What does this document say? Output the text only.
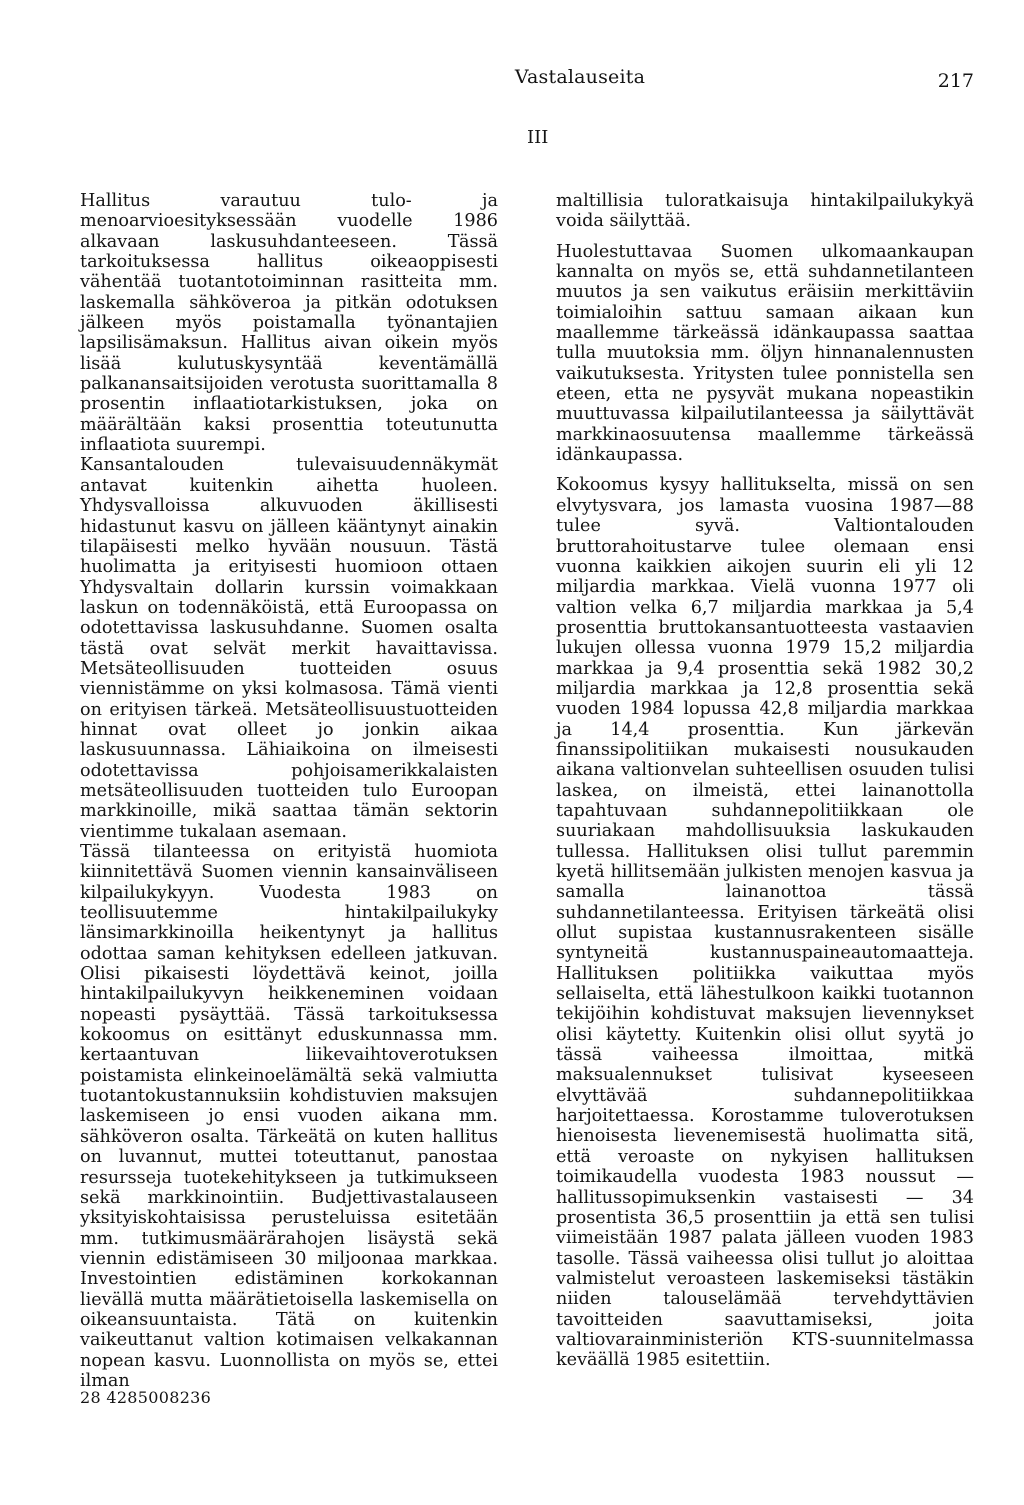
Vastalauseita	217
III

Hallitus varautuu tulo- ja menoarvioesityksessään vuodelle 1986 alkavaan laskusuhdanteeseen. Tässä tarkoituksessa hallitus oikeaoppisesti vähentää tuotantotoiminnan rasitteita mm. laskemalla sähköveroa ja pitkän odotuksen jälkeen myös poistamalla työnantajien lapsilisämaksun. Hallitus aivan oikein myös lisää kulutuskysyntää keventämällä palkanansaitsijoiden verotusta suorittamalla 8 prosentin inflaatiotarkistuksen, joka on määrältään kaksi prosenttia toteutunutta inflaatiota suurempi.

Kansantalouden tulevaisuudennäkymät antavat kuitenkin aihetta huoleen. Yhdysvalloissa alkuvuoden äkillisesti hidastunut kasvu on jälleen kääntynyt ainakin tilapäisesti melko hyvään nousuun. Tästä huolimatta ja erityisesti huomioon ottaen Yhdysvaltain dollarin kurssin voimakkaan laskun on todennäköistä, että Euroopassa on odotettavissa laskusuhdanne. Suomen osalta tästä ovat selvät merkit havaittavissa. Metsäteollisuuden tuotteiden osuus viennistämme on yksi kolmasosa. Tämä vienti on erityisen tärkeä. Metsäteollisuustuotteiden hinnat ovat olleet jo jonkin aikaa laskusuunnassa. Lähiaikoina on ilmeisesti odotettavissa pohjoisamerikkalaisten metsäteollisuuden tuotteiden tulo Euroopan markkinoille, mikä saattaa tämän sektorin vientimme tukalaan asemaan.

Tässä tilanteessa on erityistä huomiota kiinnitettävä Suomen viennin kansainväliseen kilpailukykyyn. Vuodesta 1983 on teollisuutemme hintakilpailukyky länsimarkkinoilla heikentynyt ja hallitus odottaa saman kehityksen edelleen jatkuvan. Olisi pikaisesti löydettävä keinot, joilla hintakilpailukyvyn heikkeneminen voidaan nopeasti pysäyttää. Tässä tarkoituksessa kokoomus on esittänyt eduskunnassa mm. kertaantuvan liikevaihtoverotuksen poistamista elinkeinoelämältä sekä valmiutta tuotantokustannuksiin kohdistuvien maksujen laskemiseen jo ensi vuoden aikana mm. sähköveron osalta. Tärkeätä on kuten hallitus on luvannut, muttei toteuttanut, panostaa resursseja tuotekehitykseen ja tutkimukseen sekä markkinointiin. Budjettivastalauseen yksityiskohtaisissa perusteluissa esitetään mm. tutkimusmäärärahojen lisäystä sekä viennin edistämiseen 30 miljoonaa markkaa. Investointien edistäminen korkokannan lievällä mutta määrätietoisella laskemisella on oikeansuuntaista. Tätä on kuitenkin vaikeuttanut valtion kotimaisen velkakannan nopean kasvu. Luonnollista on myös se, ettei ilman

maltillisia tuloratkaisuja hintakilpailukykyä voida säilyttää.

Huolestuttavaa Suomen ulkomaankaupan kannalta on myös se, että suhdannetilanteen muutos ja sen vaikutus eräisiin merkittäviin toimialoihin sattuu samaan aikaan kun maallemme tärkeässä idänkaupassa saattaa tulla muutoksia mm. öljyn hinnanalennusten vaikutuksesta. Yritysten tulee ponnistella sen eteen, etta ne pysyvät mukana nopeastikin muuttuvassa kilpailutilanteessa ja säilyttävät markkinaosuutensa maallemme tärkeässä idänkaupassa.

Kokoomus kysyy hallitukselta, missä on sen elvytysvara, jos lamasta vuosina 1987—88 tulee syvä. Valtiontalouden bruttorahoitustarve tulee olemaan ensi vuonna kaikkien aikojen suurin eli yli 12 miljardia markkaa. Vielä vuonna 1977 oli valtion velka 6,7 miljardia markkaa ja 5,4 prosenttia bruttokansantuotteesta vastaavien lukujen ollessa vuonna 1979 15,2 miljardia markkaa ja 9,4 prosenttia sekä 1982 30,2 miljardia markkaa ja 12,8 prosenttia sekä vuoden 1984 lopussa 42,8 miljardia markkaa ja 14,4 prosenttia. Kun järkevän finanssipolitiikan mukaisesti nousukauden aikana valtionvelan suhteellisen osuuden tulisi laskea, on ilmeistä, ettei lainanottolla tapahtuvaan suhdannepolitiikkaan ole suuriakaan mahdollisuuksia laskukauden tullessa. Hallituksen olisi tullut paremmin kyetä hillitsemään julkisten menojen kasvua ja samalla lainanottoa tässä suhdannetilanteessa. Erityisen tärkeätä olisi ollut supistaa kustannusrakenteen sisälle syntyneitä kustannuspaineautomaatteja. Hallituksen politiikka vaikuttaa myös sellaiselta, että lähestulkoon kaikki tuotannon tekijöihin kohdistuvat maksujen lievennykset olisi käytetty. Kuitenkin olisi ollut syytä jo tässä vaiheessa ilmoittaa, mitkä maksualennukset tulisivat kyseeseen elvyttävää suhdannepolitiikkaa harjoitettaessa. Korostamme tuloverotuksen hienoisesta lievenemisestä huolimatta sitä, että veroaste on nykyisen hallituksen toimikaudella vuodesta 1983 noussut — hallitussopimuksenkin vastaisesti — 34 prosentista 36,5 prosenttiin ja että sen tulisi viimeistään 1987 palata jälleen vuoden 1983 tasolle. Tässä vaiheessa olisi tullut jo aloittaa valmistelut veroasteen laskemiseksi tästäkin niiden talouselämää tervehdyttävien tavoitteiden saavuttamiseksi, joita valtiovarainministeriön KTS-suunnitelmassa keväällä 1985 esitettiin.

28 4285008236
